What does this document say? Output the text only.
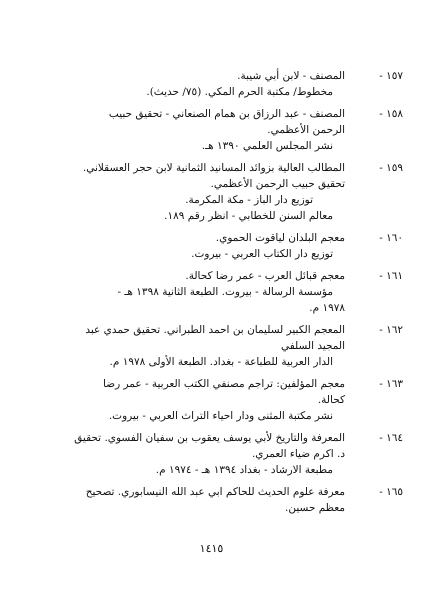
١٥٧ -
المصنف - لابن أبي شيبة.
مخطوط/ مكتبة الحرم المكي. (٧٥/ حديث).
١٥٨ -
المصنف - عبد الرزاق بن همام الصنعاني - تحقيق حبيب
الرحمن الأعظمي.
نشر المجلس العلمي ١٣٩٠ هـ.
١٥٩ -
المطالب العالية بزوائد المسانيد الثمانية لابن حجر العسقلاني.
تحقيق حبيب الرحمن الأعظمي.
توزيع دار الباز - مكة المكرمة.
معالم السنن للخطابي - انظر رقم ١٨٩.
١٦٠ -
معجم البلدان لياقوت الحموي.
توزيع دار الكتاب العربي - بيروت.
١٦١ -
معجم قبائل العرب - عمر رضا كحالة.
مؤسسة الرسالة - بيروت. الطبعة الثانية ١٣٩٨ هـ -
١٩٧٨ م.
١٦٢ -
المعجم الكبير لسليمان بن احمد الطبراني. تحقيق حمدي عبد
المجيد السلفي
الدار العربية للطباعة - بغداد. الطبعة الأولى ١٩٧٨ م.
١٦٣ -
معجم المؤلفين: تراجم مصنفي الكتب العربية - عمر رضا
كحالة.
نشر مكتبة المثنى ودار احياء التراث العربي - بيروت.
١٦٤ -
المعرفة والتاريخ لأبي يوسف يعقوب بن سفيان الفسوي. تحقيق
د. اكرم ضياء العمري.
مطبعة الارشاد - بغداد ١٣٩٤ هـ - ١٩٧٤ م.
١٦٥ -
معرفة علوم الحديث للحاكم ابي عبد الله النيسابوري. تصحيح
معظم حسين.
١٤١٥
